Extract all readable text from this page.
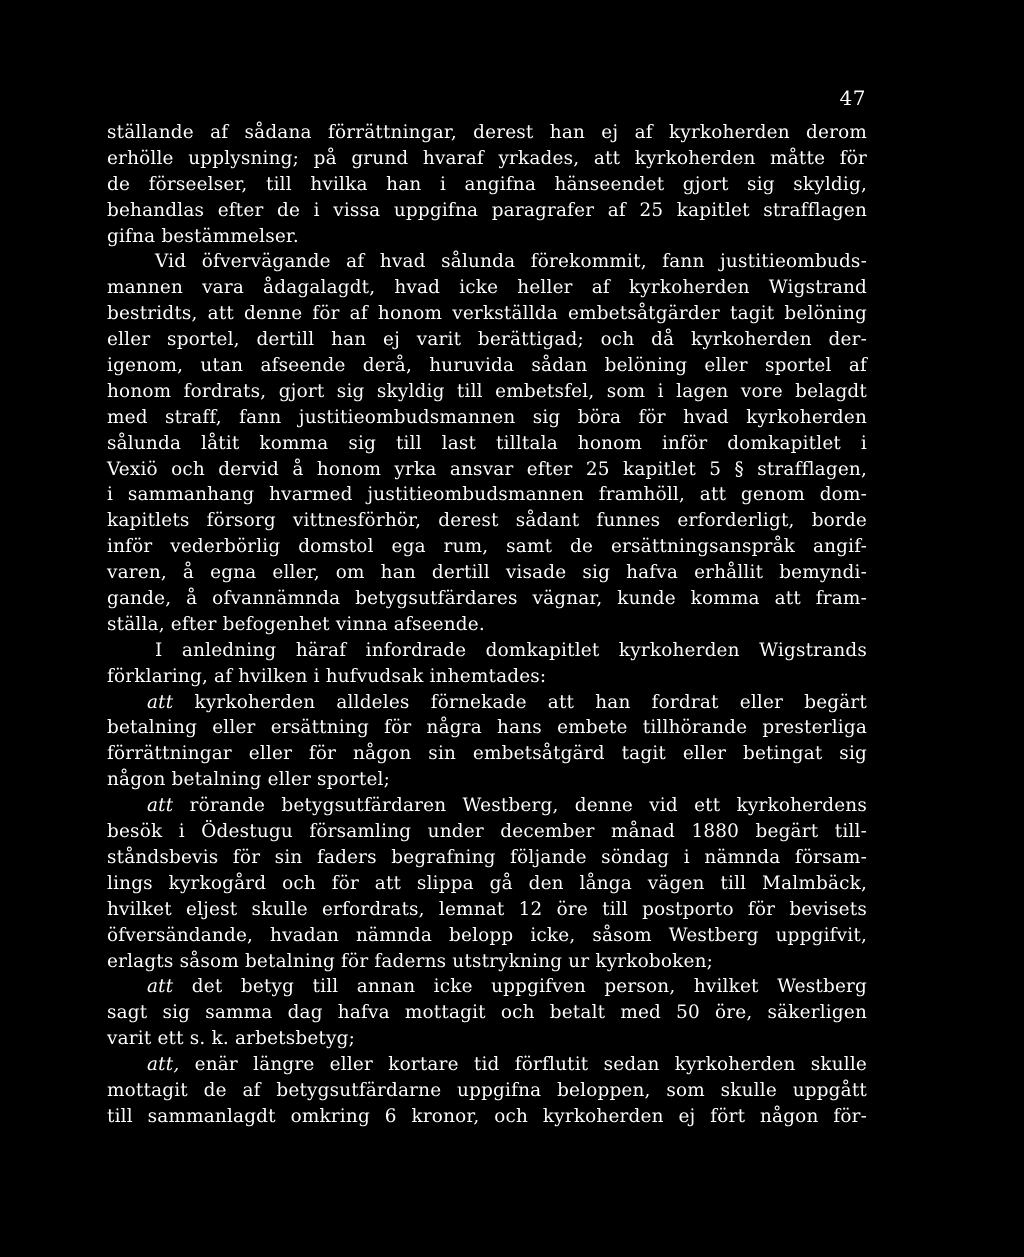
47
ställande af sådana förrättningar, derest han ej af kyrkoherden derom
erhölle upplysning; på grund hvaraf yrkades, att kyrkoherden måtte för
de förseelser, till hvilka han i angifna hänseendet gjort sig skyldig,
behandlas efter de i vissa uppgifna paragrafer af 25 kapitlet strafflagen
gifna bestämmelser.
Vid öfvervägande af hvad sålunda förekommit, fann justitieombuds-
mannen vara ådagalagdt, hvad icke heller af kyrkoherden Wigstrand
bestridts, att denne för af honom verkställda embetsåtgärder tagit belöning
eller sportel, dertill han ej varit berättigad; och då kyrkoherden der-
igenom, utan afseende derå, huruvida sådan belöning eller sportel af
honom fordrats, gjort sig skyldig till embetsfel, som i lagen vore belagdt
med straff, fann justitieombudsmannen sig böra för hvad kyrkoherden
sålunda låtit komma sig till last tilltala honom inför domkapitlet i
Vexiö och dervid å honom yrka ansvar efter 25 kapitlet 5 § strafflagen,
i sammanhang hvarmed justitieombudsmannen framhöll, att genom dom-
kapitlets försorg vittnesförhör, derest sådant funnes erforderligt, borde
inför vederbörlig domstol ega rum, samt de ersättningsanspråk angif-
varen, å egna eller, om han dertill visade sig hafva erhållit bemyndi-
gande, å ofvannämnda betygsutfärdares vägnar, kunde komma att fram-
ställa, efter befogenhet vinna afseende.
I anledning häraf infordrade domkapitlet kyrkoherden Wigstrands
förklaring, af hvilken i hufvudsak inhemtades:
att kyrkoherden alldeles förnekade att han fordrat eller begärt
betalning eller ersättning för några hans embete tillhörande presterliga
förrättningar eller för någon sin embetsåtgärd tagit eller betingat sig
någon betalning eller sportel;
att rörande betygsutfärdaren Westberg, denne vid ett kyrkoherdens
besök i Ödestugu församling under december månad 1880 begärt till-
ståndsbevis för sin faders begrafning följande söndag i nämnda försam-
lings kyrkogård och för att slippa gå den långa vägen till Malmbäck,
hvilket eljest skulle erfordrats, lemnat 12 öre till postporto för bevisets
öfversändande, hvadan nämnda belopp icke, såsom Westberg uppgifvit,
erlagts såsom betalning för faderns utstrykning ur kyrkoboken;
att det betyg till annan icke uppgifven person, hvilket Westberg
sagt sig samma dag hafva mottagit och betalt med 50 öre, säkerligen
varit ett s. k. arbetsbetyg;
att, enär längre eller kortare tid förflutit sedan kyrkoherden skulle
mottagit de af betygsutfärdarne uppgifna beloppen, som skulle uppgått
till sammanlagdt omkring 6 kronor, och kyrkoherden ej fört någon för-
